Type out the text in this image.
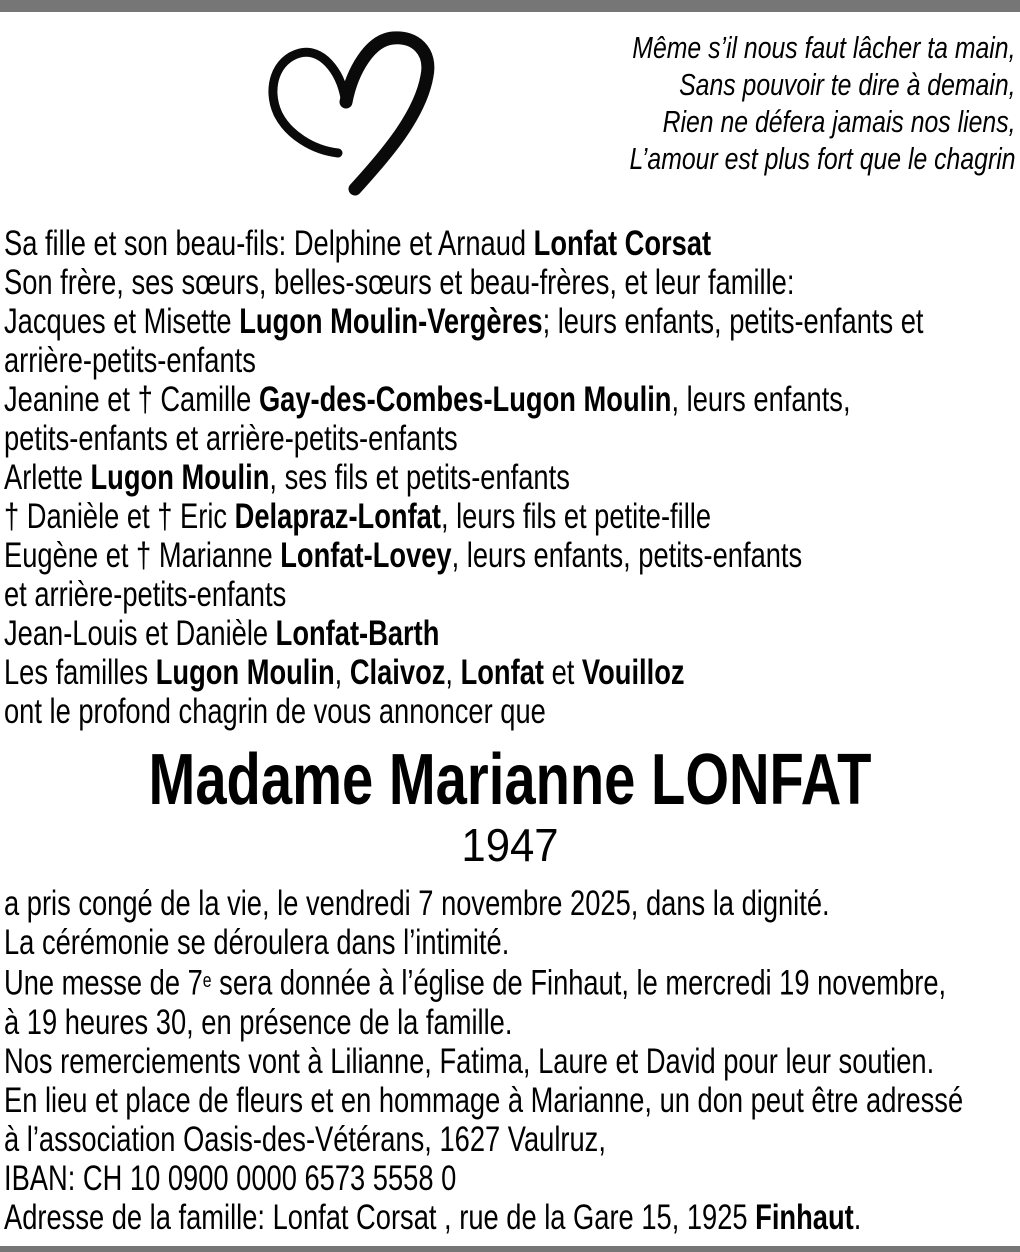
Même s’il nous faut lâcher ta main,
Sans pouvoir te dire à demain,
Rien ne défera jamais nos liens,
L’amour est plus fort que le chagrin
Sa fille et son beau-fils: Delphine et Arnaud Lonfat Corsat
Son frère, ses sœurs, belles-sœurs et beau-frères, et leur famille:
Jacques et Misette Lugon Moulin-Vergères; leurs enfants, petits-enfants et
arrière-petits-enfants
Jeanine et † Camille Gay-des-Combes-Lugon Moulin, leurs enfants,
petits-enfants et arrière-petits-enfants
Arlette Lugon Moulin, ses fils et petits-enfants
† Danièle et † Eric Delapraz-Lonfat, leurs fils et petite-fille
Eugène et † Marianne Lonfat-Lovey, leurs enfants, petits-enfants
et arrière-petits-enfants
Jean-Louis et Danièle Lonfat-Barth
Les familles Lugon Moulin, Claivoz, Lonfat et Vouilloz
ont le profond chagrin de vous annoncer que
Madame Marianne LONFAT
1947
a pris congé de la vie, le vendredi 7 novembre 2025, dans la dignité.
La cérémonie se déroulera dans l’intimité.
Une messe de 7e sera donnée à l’église de Finhaut, le mercredi 19 novembre,
à 19 heures 30, en présence de la famille.
Nos remerciements vont à Lilianne, Fatima, Laure et David pour leur soutien.
En lieu et place de fleurs et en hommage à Marianne, un don peut être adressé
à l’association Oasis-des-Vétérans, 1627 Vaulruz,
IBAN: CH 10 0900 0000 6573 5558 0
Adresse de la famille: Lonfat Corsat , rue de la Gare 15, 1925 Finhaut.
